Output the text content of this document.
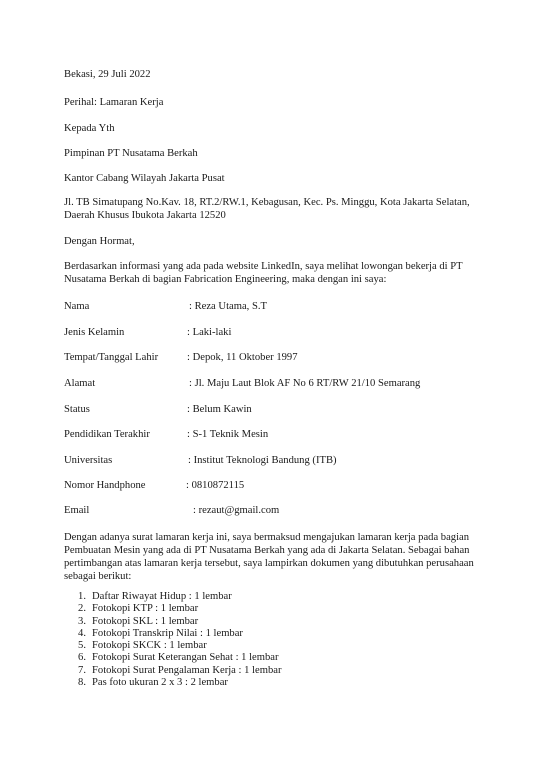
Bekasi, 29 Juli 2022

Perihal: Lamaran Kerja

Kepada Yth

Pimpinan PT Nusatama Berkah

Kantor Cabang Wilayah Jakarta Pusat

Jl. TB Simatupang No.Kav. 18, RT.2/RW.1, Kebagusan, Kec. Ps. Minggu, Kota Jakarta Selatan, Daerah Khusus Ibukota Jakarta 12520

Dengan Hormat,

Berdasarkan informasi yang ada pada website LinkedIn, saya melihat lowongan bekerja di PT Nusatama Berkah di bagian Fabrication Engineering, maka dengan ini saya:

Nama	: Reza Utama, S.T
Jenis Kelamin	: Laki-laki
Tempat/Tanggal Lahir	: Depok, 11 Oktober 1997
Alamat	: Jl. Maju Laut Blok AF No 6 RT/RW 21/10 Semarang
Status	: Belum Kawin
Pendidikan Terakhir	: S-1 Teknik Mesin
Universitas	: Institut Teknologi Bandung (ITB)
Nomor Handphone	: 0810872115
Email	: rezaut@gmail.com

Dengan adanya surat lamaran kerja ini, saya bermaksud mengajukan lamaran kerja pada bagian Pembuatan Mesin yang ada di PT Nusatama Berkah yang ada di Jakarta Selatan. Sebagai bahan pertimbangan atas lamaran kerja tersebut, saya lampirkan dokumen yang dibutuhkan perusahaan sebagai berikut:

1. Daftar Riwayat Hidup : 1 lembar
2. Fotokopi KTP : 1 lembar
3. Fotokopi SKL : 1 lembar
4. Fotokopi Transkrip Nilai : 1 lembar
5. Fotokopi SKCK : 1 lembar
6. Fotokopi Surat Keterangan Sehat : 1 lembar
7. Fotokopi Surat Pengalaman Kerja : 1 lembar
8. Pas foto ukuran 2 x 3 : 2 lembar
